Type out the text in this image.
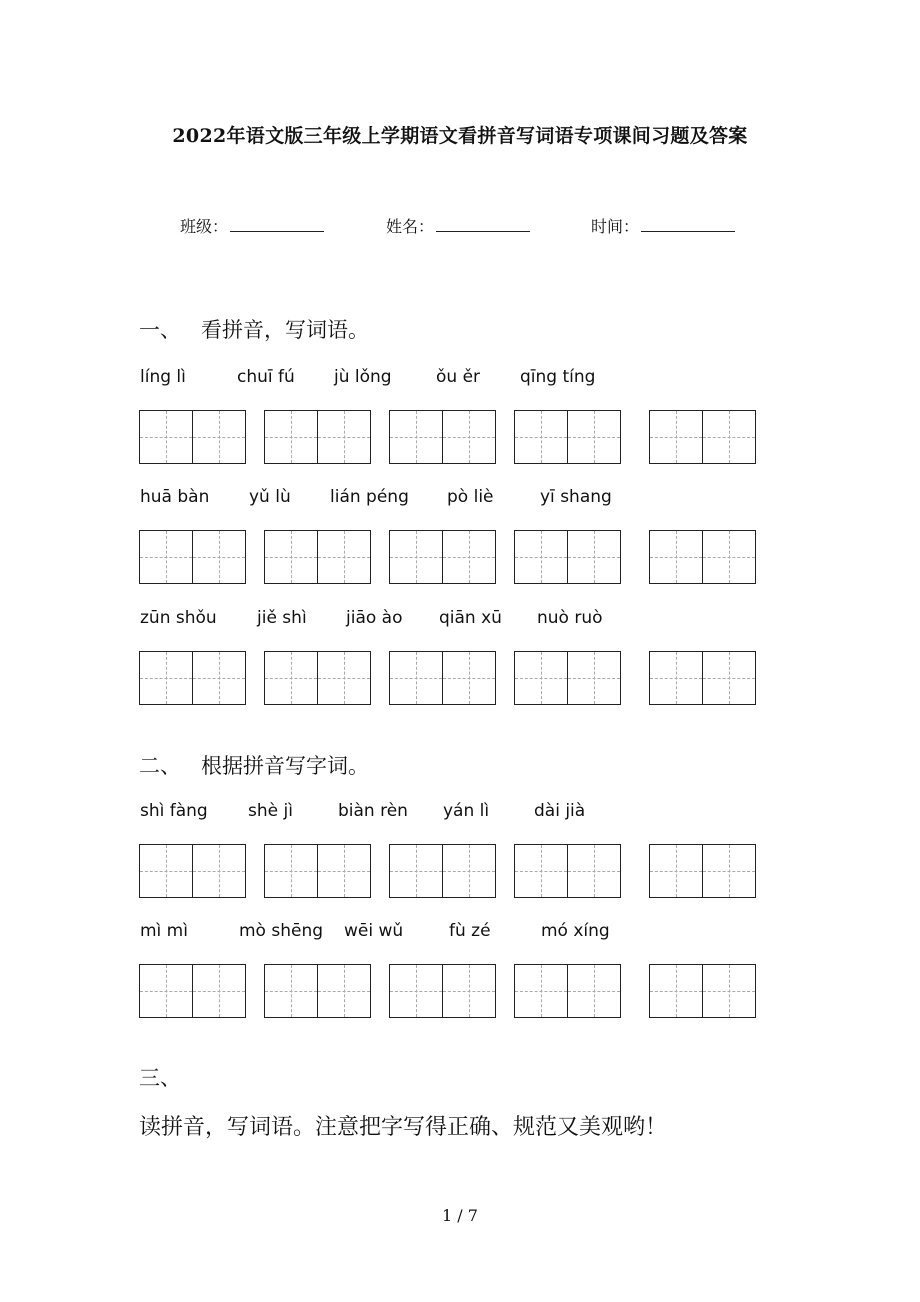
2022年语文版三年级上学期语文看拼音写词语专项课间习题及答案
班级：	姓名：	时间：
一、 看拼音，写词语。
líng lì	chuī fú jù lǒng	ǒu ěr qīng tíng
huā bàn yǔ lù lián péng pò liè	yī shang
zūn shǒu jiě shì jiāo ào qiān xū nuò ruò
二、 根据拼音写字词。
shì fàng shè jì	biàn rèn yán lì	dài jià
mì mì	mò shēng wēi wǔ	fù zé	mó xíng
三、
读拼音，写词语。注意把字写得正确、规范又美观哟！
1 / 7
